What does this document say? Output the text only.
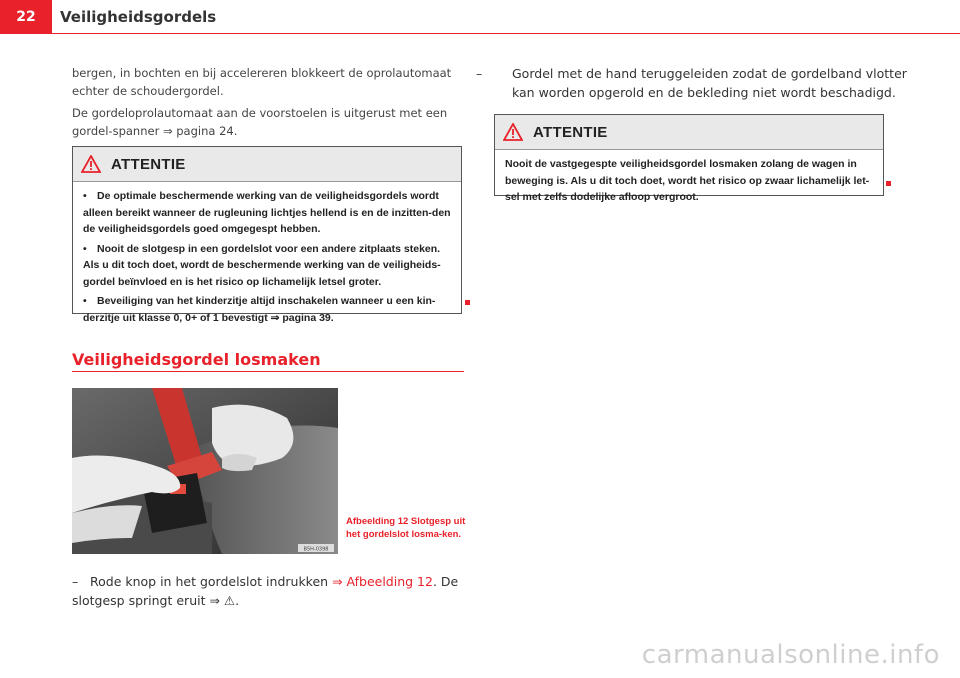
22	Veiligheidsgordels
bergen, in bochten en bij accelereren blokkeert de oprolautomaat echter de schoudergordel.
De gordeloprolautomaat aan de voorstoelen is uitgerust met een gordel-spanner ⇒ pagina 24.
ATTENTIE
• De optimale beschermende werking van de veiligheidsgordels wordt alleen bereikt wanneer de rugleuning lichtjes hellend is en de inzitten-den de veiligheidsgordels goed omgegespt hebben.
• Nooit de slotgesp in een gordelslot voor een andere zitplaats steken. Als u dit toch doet, wordt de beschermende werking van de veiligheids-gordel beïnvloed en is het risico op lichamelijk letsel groter.
• Beveiliging van het kinderzitje altijd inschakelen wanneer u een kin-derzitje uit klasse 0, 0+ of 1 bevestigt ⇒ pagina 39.
Veiligheidsgordel losmaken
B5H-0398
Afbeelding 12 Slotgesp uit het gordelslot losma-ken.
– Rode knop in het gordelslot indrukken ⇒ Afbeelding 12. De slotgesp springt eruit ⇒ ⚠.
– Gordel met de hand teruggeleiden zodat de gordelband vlotter kan worden opgerold en de bekleding niet wordt beschadigd.
ATTENTIE
Nooit de vastgegespte veiligheidsgordel losmaken zolang de wagen in beweging is. Als u dit toch doet, wordt het risico op zwaar lichamelijk let-sel met zelfs dodelijke afloop vergroot.
carmanualsonline.info
